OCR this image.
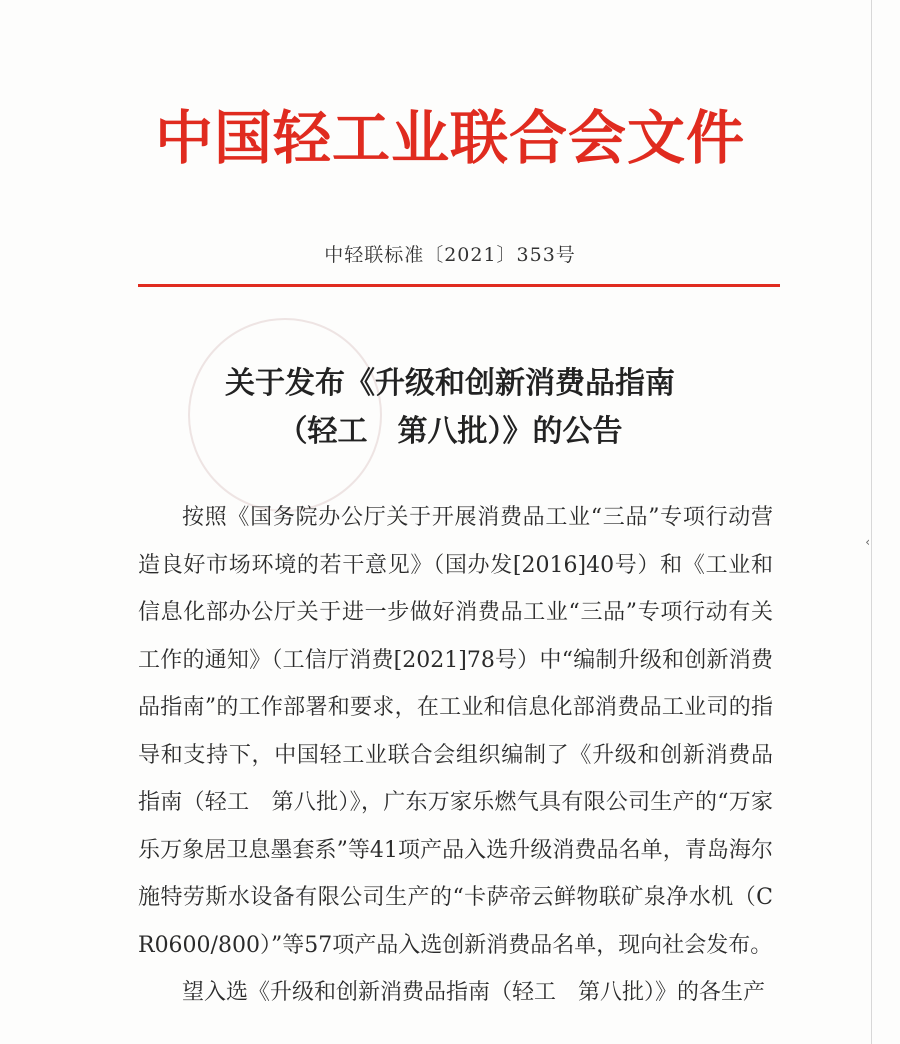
‹
中国轻工业联合会文件
中轻联标准〔2021〕353号
关于发布《升级和创新消费品指南
（轻工　第八批）》的公告

按照《国务院办公厅关于开展消费品工业“三品”专项行动营造良好市场环境的若干意见》（国办发[2016]40号）和《工业和信息化部办公厅关于进一步做好消费品工业“三品”专项行动有关工作的通知》（工信厅消费[2021]78号）中“编制升级和创新消费品指南”的工作部署和要求，在工业和信息化部消费品工业司的指导和支持下，中国轻工业联合会组织编制了《升级和创新消费品指南（轻工　第八批）》，广东万家乐燃气具有限公司生产的“万家乐万象居卫息墨套系”等41项产品入选升级消费品名单，青岛海尔施特劳斯水设备有限公司生产的“卡萨帝云鲜物联矿泉净水机（CR0600/800）”等57项产品入选创新消费品名单，现向社会发布。

望入选《升级和创新消费品指南（轻工　第八批）》的各生产
